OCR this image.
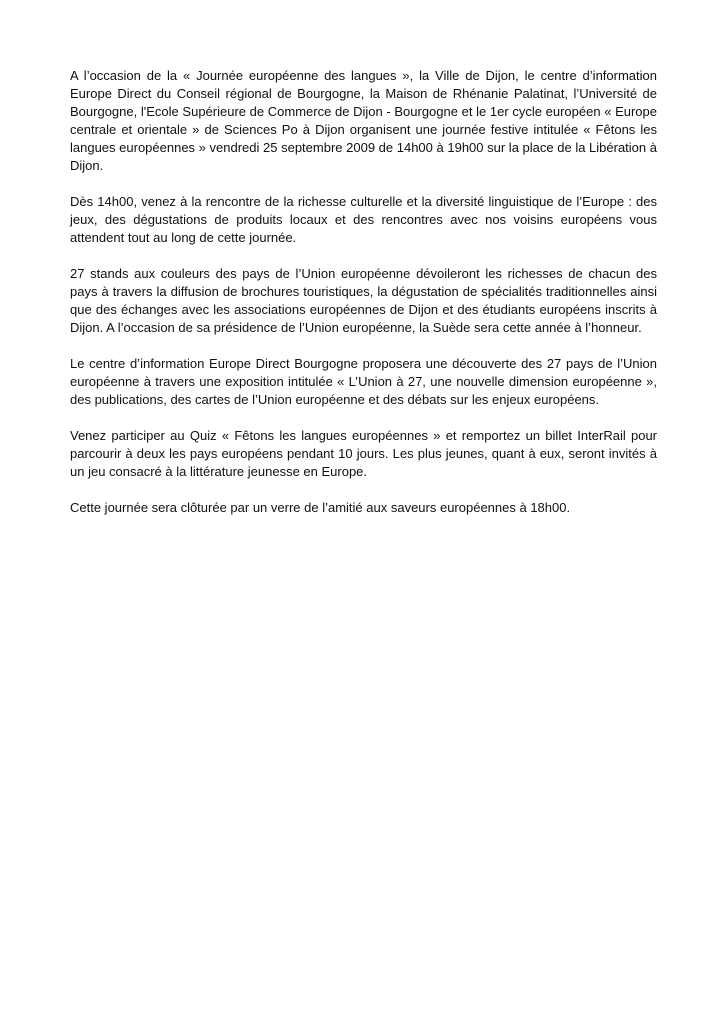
A l’occasion de la « Journée européenne des langues », la Ville de Dijon, le centre d’information Europe Direct du Conseil régional de Bourgogne, la Maison de Rhénanie Palatinat, l’Université de Bourgogne, l'Ecole Supérieure de Commerce de Dijon - Bourgogne et le 1er cycle européen « Europe centrale et orientale » de Sciences Po à Dijon organisent une journée festive intitulée « Fêtons les langues européennes » vendredi 25 septembre 2009 de 14h00 à 19h00 sur la place de la Libération à Dijon.

Dès 14h00, venez à la rencontre de la richesse culturelle et la diversité linguistique de l’Europe : des jeux, des dégustations de produits locaux et des rencontres avec nos voisins européens vous attendent tout au long de cette journée.

27 stands aux couleurs des pays de l’Union européenne dévoileront les richesses de chacun des pays à travers la diffusion de brochures touristiques, la dégustation de spécialités traditionnelles ainsi que des échanges avec les associations européennes de Dijon et des étudiants européens inscrits à Dijon. A l’occasion de sa présidence de l’Union européenne, la Suède sera cette année à l’honneur.

Le centre d’information Europe Direct Bourgogne proposera une découverte des 27 pays de l’Union européenne à travers une exposition intitulée « L’Union à 27, une nouvelle dimension européenne », des publications, des cartes de l’Union européenne et des débats sur les enjeux européens.

Venez participer au Quiz « Fêtons les langues européennes » et remportez un billet InterRail pour parcourir à deux les pays européens pendant 10 jours. Les plus jeunes, quant à eux, seront invités à un jeu consacré à la littérature jeunesse en Europe.

Cette journée sera clôturée par un verre de l’amitié aux saveurs européennes à 18h00.
